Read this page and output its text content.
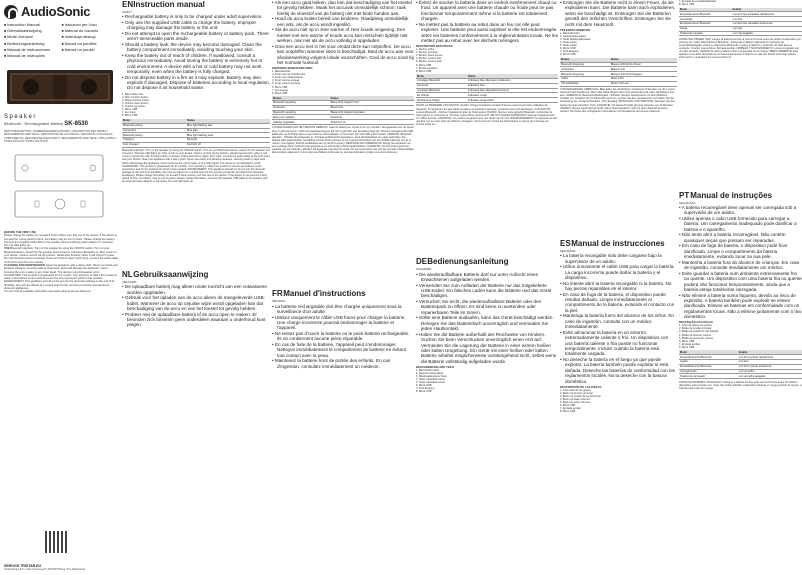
AudioSonic
■ Instruction Manual	■ Istruzioni per l'uso
■ Gebruiksaanwijzing	■ Manual do Usuário
■ Mode d'emploi	■ Instrukcja obsługi
■ Bedienungsanleitung	■ Návod na použitie
■ Manual de instrucciones	■ Návod na použití
■ Manual de instruções
Speaker
Bluetooth - Rechargeable Battery SK-8530
PARTS DESCRIPTION / ONDERDELENBESCHRIJVING / DESCRIPTION DES PIECES / BESCHREIBUNG DER TEILE / DESCRIPCIÓN DE LAS PIEZAS / DESCRIÇÃO DAS PEÇAS / COMPONENTE / DESCRIZIONE DELLE PARTI / BESCHREIBUNG DER TEILE / OPIS CZĘŚCI / POPIS SÚČASTÍ / POPIS SOUČÁSTÍ
BEFORE THE FIRST USE
Please charge the battery for at least 8 hours before your first use of the device. If the device is not used for a long period of time, the battery may be out of power. Please charge the battery. Connect the supplied USB cable to the speaker and an external power adaptor or computer. The red LED lights up.
USE Bluetooth playback: Turn on the speaker by using the ON/OFF switch. Turn on your Bluetooth-device, search for the speaker and connect it. The blue LED lights up. Play music on your device. Volume control via the buttons. Hands-free function: when a call comes in press the main function button to answer. Press and hold to reject. AUX input: connect the audio cable to the AUX input and your device.
CLEANING AND MAINTENANCE Clean the appliance with a damp cloth. Never use harsh and abrasive cleaners, scouring pads or steel wool, which will damage the appliance. Never immerse the unit in water or any other liquid. The device is not dishwasher proof. GUARANTEE: This product is guaranteed for 24 months. Your warranty is valid if the product is used in accordance to the instructions and for the purpose for which it was created. ENVIRONMENT: This appliance should not be put into the domestic garbage at the end of its durability, but must be offered at a central point for the recycling of electric and electronic domestic appliances.
You can find all available information and spare parts at service.tristar.eu!
SERVICE.TRISTAR.EU
Tristar Europe B.V. | Jules Verneweg 87 | 5015 BH Tilburg | The Netherlands
EN Instruction manual
SAFETY

• Rechargeable battery is only to be charged under adult supervision.

• Only use the supplied USB cable to charge the battery. Improper charging may damage the battery or the unit.

• Do not attempt to open the rechargeable battery or battery pack. There aren't serviceable parts inside.

• Should a battery leak, the device may become damaged. Clean the battery compartment immediately, avoiding touching your skin.

• Keep the battery out of reach of children. If swallowed, consult a physician immediately. Avoid storing the battery in extremely hot or cold environment. A device with a hot or cold battery may not work temporarily, even when the battery is fully charged.

• Do not dispose battery in a fire as it may explode. Battery may also explode if damaged. Dispose of batteries according to local regulation. Do not dispose it as household waste.

1. Bass reflex tube
2. Main function button
3. Playing status button
4. Volume down button
5. Volume up button
6. Micro USB
7. Aux input
8. Micro USB
Mode	Status
Bluetooth pairing	Blue light flashing fast
Connected	Blue light
Bluetooth pairing	Blue light flashing slow
Charging	Red light
Fully charged	Red light off
Bluetooth playback: Turn on the speaker by using the ON/OFF switch. Turn on your Bluetooth-device, search for the speaker and connect it. The blue LED lights up. Play music on your device. Volume control via the buttons. Hands-free function: when a call comes in press the main function button to answer. Press and hold to reject. AUX input: connect the audio cable to the AUX input and your device. Clean the appliance with a damp cloth. Never use harsh and abrasive cleaners, scouring pads or steel wool, which will damage the appliance. Never immerse the unit in water or any other liquid. The device is not dishwasher proof. GUARANTEE: This product is guaranteed for 24 months. Your warranty is valid if the product is used in accordance to the instructions and for the purpose for which it was created. ENVIRONMENT: This appliance should not be put into the domestic garbage at the end of its durability, but must be offered at a central point for the recycling of electric and electronic domestic appliances. Please charge the battery for at least 8 hours before your first use of the device. If the device is not used for a long period of time, the battery may be out of power. Please charge the battery. Connect the supplied USB cable to the speaker and an external power adaptor or computer. The red LED lights up.
NL Gebruiksaanwijzing
VEILIGHEID

• De oplaadbare batterij mag alleen onder toezicht van een volwassene worden opgeladen.

• Gebruik voor het opladen van de accu alleen de meegeleverde USB-kabel. Wanneer de accu op onjuiste wijze wordt opgeladen kan dat beschadiging van de accu en van het toestel tot gevolg hebben.

• Probeer niet de oplaadbare batterij of de accu open te maken. Er bevinden zich binnenin geen onderdelen waaraan u onderhoud kunt plegen.

• Als een accu gaat lekken, dan kan dat beschadiging van het toestel tot gevolg hebben. Maak het accuvak onmiddellijk schoon; raak hierbij de vloeistof van de batterij niet met blote handen aan.

• Houd de accu buiten bereik van kinderen. Raadpleeg onmiddellijk een arts, als de accu wordt ingeslikt.

• Sla de accu niet op in zeer warme of zeer koude omgeving. Een toestel met een warme of koude accu kan misschien tijdelijk niet werken, ook niet als de accu volledig is opgeladen.

• Gooi een accu niet in het vuur omdat deze kan ontploffen. De accu kan ontploffen wanneer deze is beschadigd. Bied de accu aan voor afvalverwerking volgens lokale voorschriften. Gooi de accu nooit bij het normale huisvuil.

ONDERDELENBESCHRIJVING
1. Basreflexbuis
2. Knop voor de hoofdfunctie
3. Knop voor afspeelstatus
4. Knop volume omlaag
5. Knop volume omhoog
6. Micro USB
7. Aux-ingang
8. Micro USB
Modus	Status
Bluetooth koppeling	Blauw licht knippert snel
Verbonden	Blauw licht
Bluetooth koppeling	Blauw licht knippert langzaam
Bezig met opladen	Rood licht
Volledig opgeladen	Rood licht uit
VOORAFGAAND AAN HET EERSTE GEBRUIK: Laad de batterij ten minste 8 uur op voordat u het apparaat voor de eerste keer in gebruik neemt. Indien het apparaat langere tijd niet is gebruikt, kan de batterij leeg zijn. Sluit de meegeleverde USB-kabel aan op de luidspreker en een externe stroomadapter of computer. De rode LED gaat branden. GEBRUIK: Bluetooth afspelen - Schakel de luidspreker in. Schakel uw Bluetooth-apparaat in, zoek de luidspreker en maak verbinding. De blauwe LED gaat branden. Handsfree-functie: Druk wanneer er een oproep binnenkomt op de hoofdfunctieknop om op te nemen. Aux-ingang: Sluit de audiokabel aan op de AUX-ingang. REINIGING EN ONDERHOUD: Reinig het apparaat met een vochtige doek. Gebruik nooit agressieve en schurende schoonmaakmiddelen. GARANTIE: Op dit product geeft een garantie van 24 maanden. MILIEU: Dit apparaat mag aan het einde van zijn levensduur niet met het normale huishoudelijke afval worden afgevoerd. U kunt alle beschikbare informatie en reserveonderdelen vinden op service.tristar.eu!
FR Manuel d'instructions
SÉCURITÉ

• La batterie rechargeable doit être chargée uniquement sous la surveillance d'un adulte.

• Utilisez uniquement le câble USB fourni pour charger la batterie. Une charge incorrecte pourrait endommager la batterie et l'appareil.

• Ne tentez pas d'ouvrir la batterie ou le pack-batterie rechargeable. Ils ne contiennent aucune pièce réparable.

• En cas de fuite de la batterie, l'appareil peut s'endommager. Nettoyez immédiatement le compartiment de batterie en évitant tout contact avec la peau.

• Maintenez la batterie hors de portée des enfants. En cas d'ingestion, consultez immédiatement un médecin.

• Évitez de stocker la batterie dans un endroit extrêmement chaud ou froid. Un appareil avec une batterie chaude ou froide peut ne pas fonctionner temporairement même si la batterie est totalement chargée.

• Ne mettez pas la batterie au rebut dans un feu car elle peut exploser. Une batterie peut aussi exploser si elle est endommagée. Jetez les batteries conformément à la réglementation locale. Ne les mettez pas au rebut avec les déchets ménagers.

DESCRIPTION DES PIÈCES
1. Bouton reflex
2. Bouton principal
3. Bouton statut lecture
4. Bouton volume bas
5. Bouton volume haut
6. Micro USB
7. Entrée auxiliaire
8. Micro USB
Mode	Statut
Jumelage Bluetooth	Indicateur bleu clignotant rapidement
Connecté	Indicateur bleu
Jumelage Bluetooth	Indicateur bleu clignotant lentement
En charge	Indicateur rouge
Entièrement chargé	Indicateur rouge éteint
AVANT LA PREMIÈRE UTILISATION: Veuillez charger la batterie pendant 8 heures avant la première utilisation de l'appareil. Si l'appareil n'est pas utilisé pendant une période prolongée, la batterie peut être déchargée. UTILISATION: Lecture Bluetooth - Allumez l'appareil à l'aide de l'interrupteur ON/OFF. Allumez votre appareil Bluetooth, recherchez le haut-parleur et connectez-le. Fonction mains libres. Entrée AUX. NETTOYAGE ET ENTRETIEN: Nettoyez l'appareil avec un chiffon humide. GARANTIE: Ce produit est garanti pour une durée de 24 mois. ENVIRONNEMENT: Cet appareil ne doit pas être mis au rebut avec les déchets ménagers. Vous trouverez toutes les informations et pièces de rechange sur service.tristar.eu !
DE Bedienungsanleitung
SICHERHEIT

• Die wiederaufladbare Batterie darf nur unter Aufsicht eines Erwachsenen aufgeladen werden.

• Verwenden Sie zum Aufladen der Batterie nur das mitgelieferte USB-Kabel. Ein falsches Laden kann die Batterie und das Gerät beschädigen.

• Versuchen Sie nicht, die wiederaufladbare Batterie oder den Batteriepack zu öffnen. Es sind keine zu wartenden oder reparierbaren Teile im Innern.

• Sollte eine Batterie auslaufen, kann das Gerät beschädigt werden. Reinigen Sie das Batteriefach unverzüglich und vermeiden Sie jeden Hautkontakt.

• Halten Sie die Batterie außerhalb der Reichweite von Kindern. Suchen Sie beim Verschlucken unverzüglich einen Arzt auf. Vermeiden Sie die Lagerung der Batterie in einer extrem heißen oder kalten Umgebung. Ein Gerät mit einer heißen oder kalten Batterie arbeitet möglicherweise vorübergehend nicht, selbst wenn die Batterie vollständig aufgeladen wurde.

BESCHREIBUNG DER TEILE
1. Bass-Reflex-Rohr
2. Haupt-Funktionstaste
3. Wiedergabestatus-Taste
4. Taste Lautstärke leiser
5. Taste Lautstärke lauter
6. Micro-USB
7. AUX-Eingang
8. Micro-USB

• Entsorgen Sie die Batterie nicht in einem Feuer, da sie explodieren kann. Die Batterie kann auch explodieren, wenn sie beschädigt ist. Entsorgen Sie die Batterien gemäß den örtlichen Vorschriften. Entsorgen Sie sie nicht mit dem Hausmüll.

TEILEBESCHREIBUNG
1. Bassreflexrohr
2. Hauptfunktionstaste
3. Taste Wiedergabestatus
4. Taste Leiser
5. Taste Lauter
6. Micro-USB
7. AUX-Eingang
8. Micro-USB
Modus	Status
Bluetooth-Kopplung	Blaues Licht blinkt schnell
Verbunden	Blaues Licht
Bluetooth-Kopplung	Blaues Licht blinkt langsam
Laden	Rotes Licht
Voll aufgeladen	Rotes Licht aus
VOR DER ERSTEN GEBRAUCH: Bitte laden Sie die Batterie mindestens 8 Stunden vor dem ersten Gebrauch des Geräts auf. Wenn das Gerät längere Zeit nicht verwendet wird, kann die Batterie leer sein. GEBRAUCH: Bluetooth-Wiedergabe - Schalten Sie den Lautsprecher mit dem EIN/AUS-Schalter ein. Schalten Sie Ihr Bluetooth-Gerät ein, suchen Sie den Lautsprecher und stellen Sie die Verbindung her. Freisprechfunktion. AUX-Eingang. REINIGUNG UND WARTUNG: Reinigen Sie das Gerät mit einem feuchten Tuch. GARANTIE: Für dieses Produkt gilt eine Garantie von 24 Monaten. UMWELT: Dieses Gerät darf am Ende seiner Nutzungsdauer nicht mit dem Hausmüll entsorgt werden. Sie finden alle verfügbaren Informationen und Ersatzteile auf service.tristar.eu!
ES Manual de instrucciones
SEGURIDAD

• La batería recargable solo debe cargarse bajo la supervisión de un adulto.

• Utilice únicamente el cable USB para cargar la batería. La carga incorrecta puede dañar la batería y el dispositivo.

• No intente abrir la batería recargable ni la batería. No hay piezas reparables en el interior.

• En caso de fuga de la batería, el dispositivo puede resultar dañado. Limpie inmediatamente el compartimento de la batería, evitando el contacto con la piel.

• Mantenga la batería fuera del alcance de los niños. En caso de ingestión, consulte con un médico inmediatamente.

• Evite almacenar la batería en un entorno extremadamente caliente o frío. Un dispositivo con una batería caliente o fría puede no funcionar temporalmente, incluso cuando la batería está totalmente cargada.

• No deseche la batería en el fuego ya que puede explotar. La batería también puede explotar si está dañada. Deseche las baterías de conformidad con los reglamentos locales. No la deseche con la basura doméstica.

DESCRIPCIÓN DE LAS PIEZAS
1. Tubo reflector de graves
2. Botón de función principal
3. Botón de estado de reproducción
4. Botón de bajar volumen
5. Botón de subir volumen
6. Micro USB
7. Entrada auxiliar
8. Micro USB
7. Entrada de entrada/adaptador
8. Micro USB
Modo	Estado
Emparejamiento Bluetooth	Luz azul que parpadea rápidamente
Conectado	Luz azul
Emparejamiento Bluetooth	Luz azul que parpadea lentamente
Carga	Luz roja
Totalmente cargado	Luz roja apagada
ANTES DEL PRIMER USO: Cargue la batería durante al menos 8 horas antes de utilizar el dispositivo por primera vez. USO: Reproducción Bluetooth - Encienda el altavoz utilizando el interruptor de encendido/apagado. Active su dispositivo Bluetooth, busque el altavoz y conéctelo. El LED azul se enciende. Función manos libres. Entrada auxiliar. LIMPIEZA Y MANTENIMIENTO: Limpie el aparato con un paño húmedo. GARANTÍA: Este producto tiene una garantía de 24 meses. MEDIO AMBIENTE: Este aparato no se debe desechar con la basura doméstica al final de su vida útil. Puede encontrar toda la información y recambios en service.tristar.eu!
PT Manual de instruções
SEGURANÇA

• A bateria recarregável deve apenas ser carregada sob a supervisão de um adulto.

• Utilize apenas o cabo USB fornecido para carregar a bateria. Um carregamento inadequado pode danificar a bateria e o aparelho.

• Não tente abrir a bateria recarregável. Não contém quaisquer peças que possam ser reparadas.

• Em caso de fuga de bateria, o dispositivo pode ficar danificado. Limpe o compartimento da bateria imediatamente, evitando tocar na sua pele.

• Mantenha a bateria fora do alcance de crianças. Em caso de ingestão, consulte imediatamente um médico.

• Evite guardar a bateria num ambiente extremamente frio ou quente. Um dispositivo com uma bateria fria ou quente poderá não funcionar temporariamente, ainda que a bateria esteja totalmente carregada.

• Não elimine a bateria numa fogueira, devido ao risco de explosão. A bateria também pode explodir se estiver danificada. Elimine as baterias em conformidade com os regulamentos locais. Não a elimine juntamente com o lixo doméstico.

DESCRIÇÃO DAS PEÇAS
1. Tubo de reflexo de graves
2. Botão de função principal
3. Botão de estado de reprodução
4. Botão de diminuir volume
5. Botão de aumentar volume
6. Micro USB
7. Entrada auxiliar
8. Micro USB
Modo	Estado
Emparelhamento Bluetooth	Luz azul a piscar rapidamente
Ligado	Luz azul
Emparelhamento Bluetooth	Luz azul a piscar lentamente
Carregamento	Luz vermelha
Totalmente carregado	Luz vermelha apagada
ANTES DA PRIMEIRA UTILIZAÇÃO: Carregue a bateria durante pelo menos 8 horas antes de utilizar o dispositivo pela primeira vez. Caso não tenha utilizado o dispositivo durante um longo período de tempo, a bateria pode estar sem carga.
